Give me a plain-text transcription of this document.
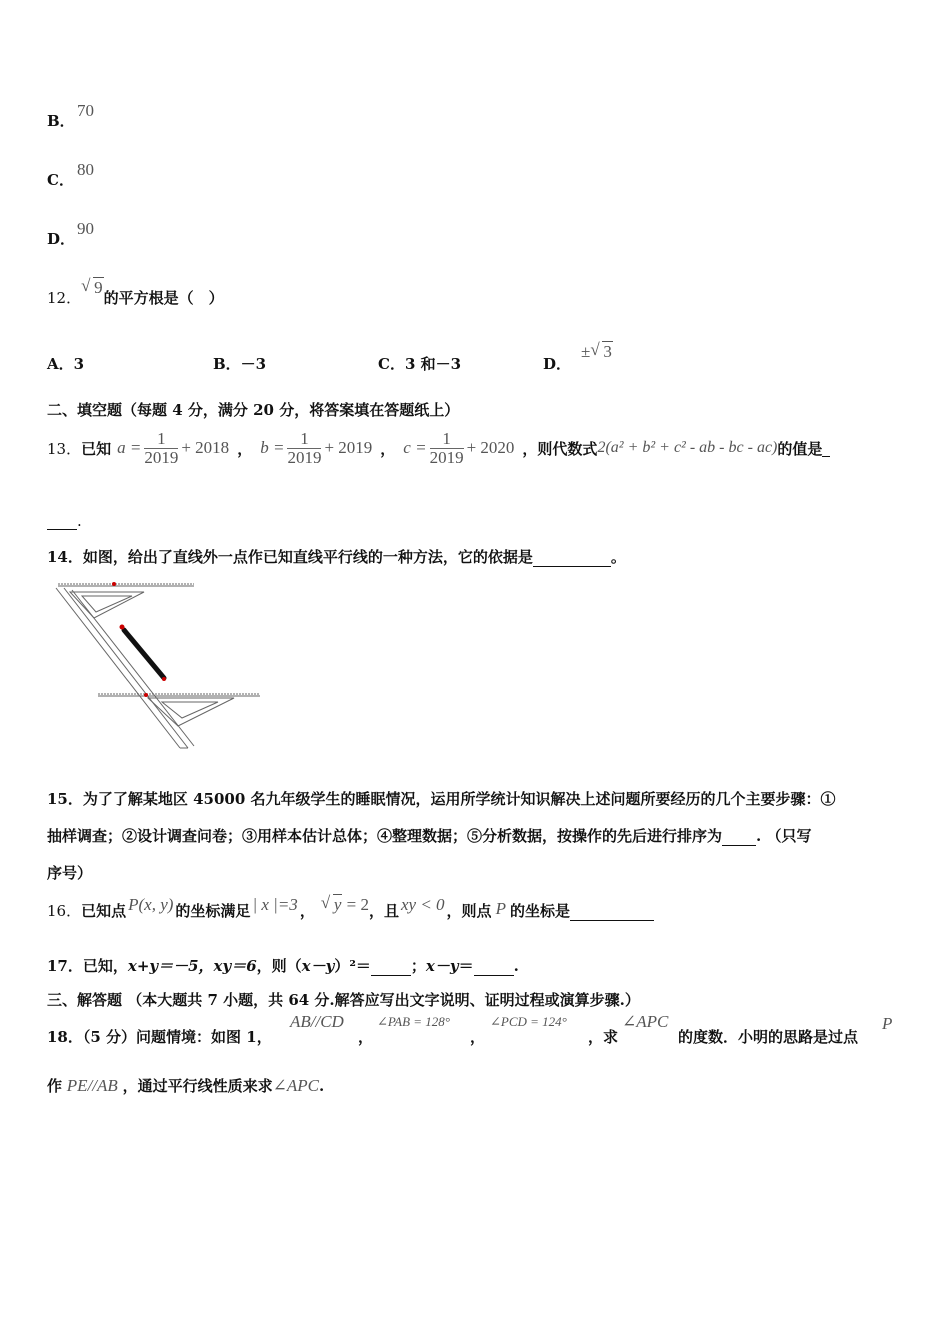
B．
70
C．
80
D．
90
12．√ 9的平方根是（　）
A．3	B．－3	C．3 和－3	D．± √ 3
二、填空题（每题 4 分，满分 20 分，将答案填在答题纸上）
13． 已知 $a = \frac{1}{2019} + 2018$ ， $b = \frac{1}{2019} + 2019$ ， $c = \frac{1}{2019} + 2020$ ，则代数式 2(a² + b² + c² - ab - bc - ac) 的值是
.
14．如图，给出了直线外一点作已知直线平行线的一种方法，它的依据是	。
15．为了了解某地区 45000 名九年级学生的睡眠情况，运用所学统计知识解决上述问题所要经历的几个主要步骤：①
抽样调查；②设计调查问卷；③用样本估计总体；④整理数据；⑤分析数据，按操作的先后进行排序为 . （只写
序号）
16． 已知点 P(x, y) 的坐标满足 | x |=3 ，	√ y = 2 ，且 xy < 0 ，则点 P 的坐标是
17．已知，x+y＝－5，xy＝6，则（x－y）²＝	；x－y＝	.
三、解答题 （本大题共 7 小题，共 64 分.解答应写出文字说明、证明过程或演算步骤.）
18．（5 分）问题情境：如图 1，
AB//CD
，
∠PAB = 128°
，
∠PCD = 124°
，求
∠APC
的度数．小明的思路是过点
P
作 PE//AB ，通过平行线性质来求∠APC.
